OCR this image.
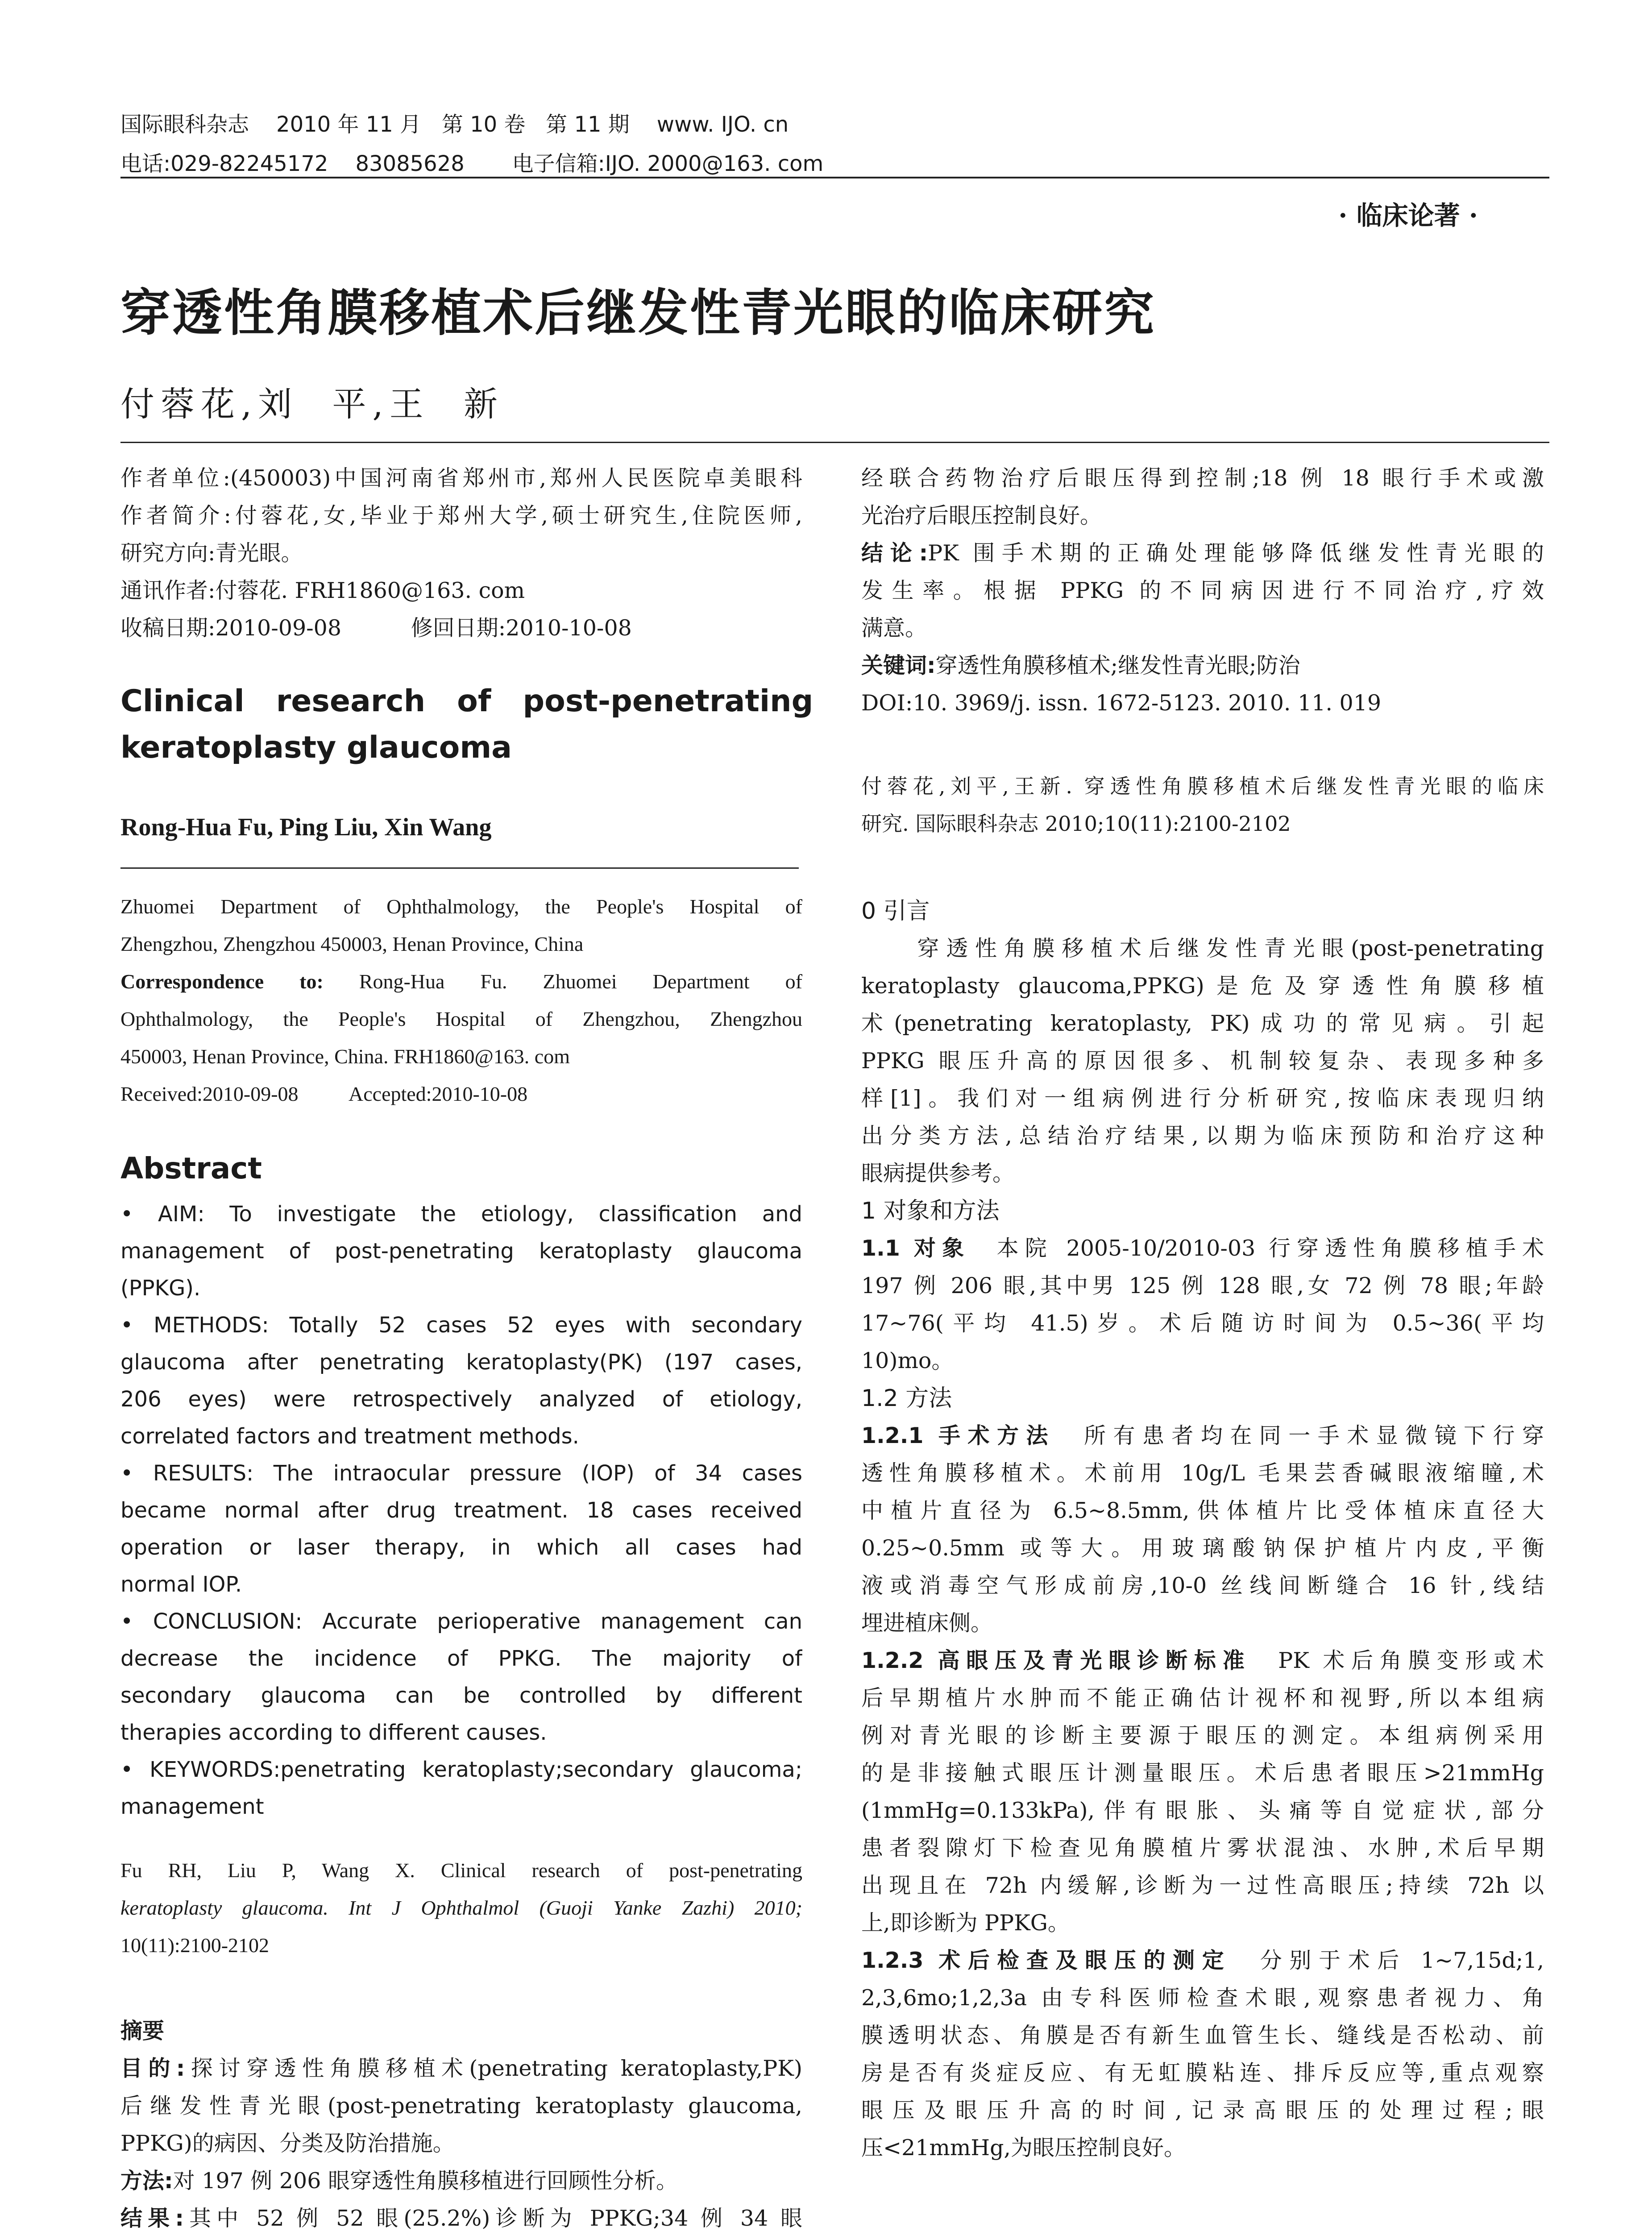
国际眼科杂志    2010 年 11 月   第 10 卷   第 11 期    www. IJO. cn
电话:029-82245172    83085628       电子信箱:IJO. 2000@163. com
· 临床论著 ·
穿透性角膜移植术后继发性青光眼的临床研究
付蓉花,刘  平,王  新
作者单位:(450003)中国河南省郑州市,郑州人民医院卓美眼科
作者简介:付蓉花,女,毕业于郑州大学,硕士研究生,住院医师,
研究方向:青光眼。
通讯作者:付蓉花. FRH1860@163. com
收稿日期:2010-09-08          修回日期:2010-10-08
Clinical   research   of   post-penetrating
keratoplasty glaucoma
Rong-Hua Fu, Ping Liu, Xin Wang
Zhuomei Department of Ophthalmology, the People's Hospital of
Zhengzhou, Zhengzhou 450003, Henan Province, China
Correspondence to: Rong-Hua Fu. Zhuomei Department of
Ophthalmology, the People's Hospital of Zhengzhou, Zhengzhou
450003, Henan Province, China. FRH1860@163. com
Received:2010-09-08          Accepted:2010-10-08
Abstract
• AIM: To investigate the etiology, classification and
management of post-penetrating keratoplasty glaucoma
(PPKG).
• METHODS: Totally 52 cases 52 eyes with secondary
glaucoma after penetrating keratoplasty(PK) (197 cases,
206 eyes) were retrospectively analyzed of etiology,
correlated factors and treatment methods.
• RESULTS: The intraocular pressure (IOP) of 34 cases
became normal after drug treatment. 18 cases received
operation or laser therapy, in which all cases had
normal IOP.
• CONCLUSION: Accurate perioperative management can
decrease the incidence of PPKG. The majority of
secondary glaucoma can be controlled by different
therapies according to different causes.
• KEYWORDS:penetrating keratoplasty;secondary glaucoma;
management
Fu RH, Liu P, Wang X. Clinical research of post-penetrating
keratoplasty glaucoma. Int J Ophthalmol (Guoji Yanke Zazhi) 2010;
10(11):2100-2102
摘要
目的:探讨穿透性角膜移植术(penetrating keratoplasty,PK)
后继发性青光眼(post-penetrating keratoplasty glaucoma,
PPKG)的病因、分类及防治措施。
方法:对 197 例 206 眼穿透性角膜移植进行回顾性分析。
结果:其中 52 例 52 眼(25.2%)诊断为 PPKG;34 例 34 眼
经联合药物治疗后眼压得到控制;18 例 18 眼行手术或激
光治疗后眼压控制良好。
结论:PK 围手术期的正确处理能够降低继发性青光眼的
发生率。根据 PPKG 的不同病因进行不同治疗,疗效
满意。
关键词:穿透性角膜移植术;继发性青光眼;防治
DOI:10. 3969/j. issn. 1672-5123. 2010. 11. 019
付蓉花,刘平,王新. 穿透性角膜移植术后继发性青光眼的临床
研究. 国际眼科杂志 2010;10(11):2100-2102
0 引言
穿透性角膜移植术后继发性青光眼(post-penetrating
keratoplasty glaucoma,PPKG)是危及穿透性角膜移植
术(penetrating keratoplasty, PK)成功的常见病。引起
PPKG 眼压升高的原因很多、机制较复杂、表现多种多
样[1]。我们对一组病例进行分析研究,按临床表现归纳
出分类方法,总结治疗结果,以期为临床预防和治疗这种
眼病提供参考。
1 对象和方法
1.1 对象  本院 2005-10/2010-03 行穿透性角膜移植手术
197 例 206 眼,其中男 125 例 128 眼,女 72 例 78 眼;年龄
17~76(平均 41.5)岁。术后随访时间为 0.5~36(平均
10)mo。
1.2 方法
1.2.1 手术方法  所有患者均在同一手术显微镜下行穿
透性角膜移植术。术前用 10g/L 毛果芸香碱眼液缩瞳,术
中植片直径为 6.5~8.5mm,供体植片比受体植床直径大
0.25~0.5mm 或等大。用玻璃酸钠保护植片内皮,平衡
液或消毒空气形成前房,10-0 丝线间断缝合 16 针,线结
埋进植床侧。
1.2.2 高眼压及青光眼诊断标准  PK 术后角膜变形或术
后早期植片水肿而不能正确估计视杯和视野,所以本组病
例对青光眼的诊断主要源于眼压的测定。本组病例采用
的是非接触式眼压计测量眼压。术后患者眼压>21mmHg
(1mmHg=0.133kPa),伴有眼胀、头痛等自觉症状,部分
患者裂隙灯下检查见角膜植片雾状混浊、水肿,术后早期
出现且在 72h 内缓解,诊断为一过性高眼压;持续 72h 以
上,即诊断为 PPKG。
1.2.3 术后检查及眼压的测定  分别于术后 1~7,15d;1,
2,3,6mo;1,2,3a 由专科医师检查术眼,观察患者视力、角
膜透明状态、角膜是否有新生血管生长、缝线是否松动、前
房是否有炎症反应、有无虹膜粘连、排斥反应等,重点观察
眼压及眼压升高的时间,记录高眼压的处理过程;眼
压<21mmHg,为眼压控制良好。
